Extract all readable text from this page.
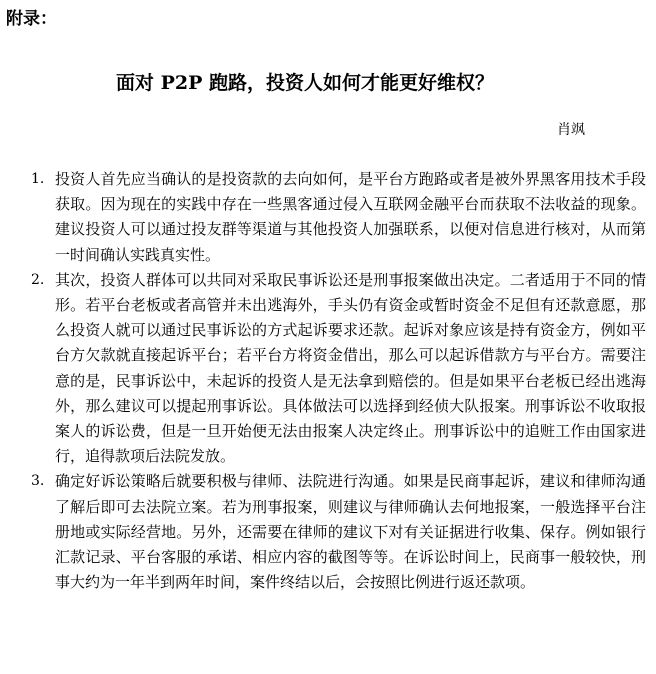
附录：
面对 P2P 跑路，投资人如何才能更好维权？
肖飒
1. 投资人首先应当确认的是投资款的去向如何，是平台方跑路或者是被外界黑客用技术手段获取。因为现在的实践中存在一些黑客通过侵入互联网金融平台而获取不法收益的现象。建议投资人可以通过投友群等渠道与其他投资人加强联系，以便对信息进行核对，从而第一时间确认实践真实性。
2. 其次，投资人群体可以共同对采取民事诉讼还是刑事报案做出决定。二者适用于不同的情形。若平台老板或者高管并未出逃海外，手头仍有资金或暂时资金不足但有还款意愿，那么投资人就可以通过民事诉讼的方式起诉要求还款。起诉对象应该是持有资金方，例如平台方欠款就直接起诉平台；若平台方将资金借出，那么可以起诉借款方与平台方。需要注意的是，民事诉讼中，未起诉的投资人是无法拿到赔偿的。但是如果平台老板已经出逃海外，那么建议可以提起刑事诉讼。具体做法可以选择到经侦大队报案。刑事诉讼不收取报案人的诉讼费，但是一旦开始便无法由报案人决定终止。刑事诉讼中的追赃工作由国家进行，追得款项后法院发放。
3. 确定好诉讼策略后就要积极与律师、法院进行沟通。如果是民商事起诉，建议和律师沟通了解后即可去法院立案。若为刑事报案，则建议与律师确认去何地报案，一般选择平台注册地或实际经营地。另外，还需要在律师的建议下对有关证据进行收集、保存。例如银行汇款记录、平台客服的承诺、相应内容的截图等等。在诉讼时间上，民商事一般较快，刑事大约为一年半到两年时间，案件终结以后，会按照比例进行返还款项。
